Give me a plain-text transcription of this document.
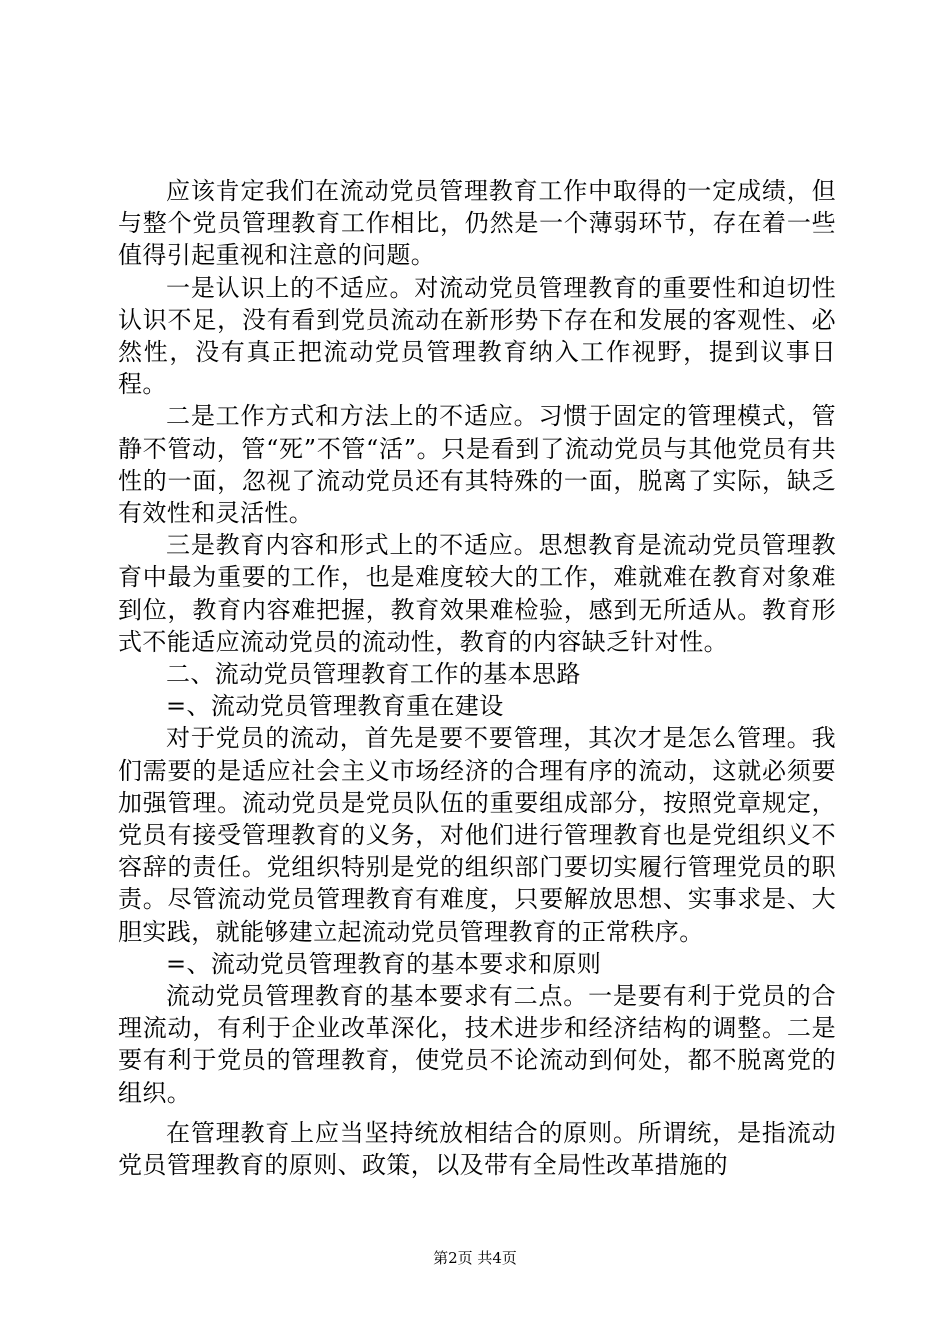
应该肯定我们在流动党员管理教育工作中取得的一定成绩，但与整个党员管理教育工作相比，仍然是一个薄弱环节，存在着一些值得引起重视和注意的问题。

一是认识上的不适应。对流动党员管理教育的重要性和迫切性认识不足，没有看到党员流动在新形势下存在和发展的客观性、必然性，没有真正把流动党员管理教育纳入工作视野，提到议事日程。

二是工作方式和方法上的不适应。习惯于固定的管理模式，管静不管动，管“死”不管“活”。只是看到了流动党员与其他党员有共性的一面，忽视了流动党员还有其特殊的一面，脱离了实际，缺乏有效性和灵活性。

三是教育内容和形式上的不适应。思想教育是流动党员管理教育中最为重要的工作，也是难度较大的工作，难就难在教育对象难到位，教育内容难把握，教育效果难检验，感到无所适从。教育形式不能适应流动党员的流动性，教育的内容缺乏针对性。

二、流动党员管理教育工作的基本思路

=、流动党员管理教育重在建设

对于党员的流动，首先是要不要管理，其次才是怎么管理。我们需要的是适应社会主义市场经济的合理有序的流动，这就必须要加强管理。流动党员是党员队伍的重要组成部分，按照党章规定，党员有接受管理教育的义务，对他们进行管理教育也是党组织义不容辞的责任。党组织特别是党的组织部门要切实履行管理党员的职责。尽管流动党员管理教育有难度，只要解放思想、实事求是、大胆实践，就能够建立起流动党员管理教育的正常秩序。

=、流动党员管理教育的基本要求和原则

流动党员管理教育的基本要求有二点。一是要有利于党员的合理流动，有利于企业改革深化，技术进步和经济结构的调整。二是要有利于党员的管理教育，使党员不论流动到何处，都不脱离党的组织。

在管理教育上应当坚持统放相结合的原则。所谓统，是指流动党员管理教育的原则、政策，以及带有全局性改革措施的

第2页 共4页
